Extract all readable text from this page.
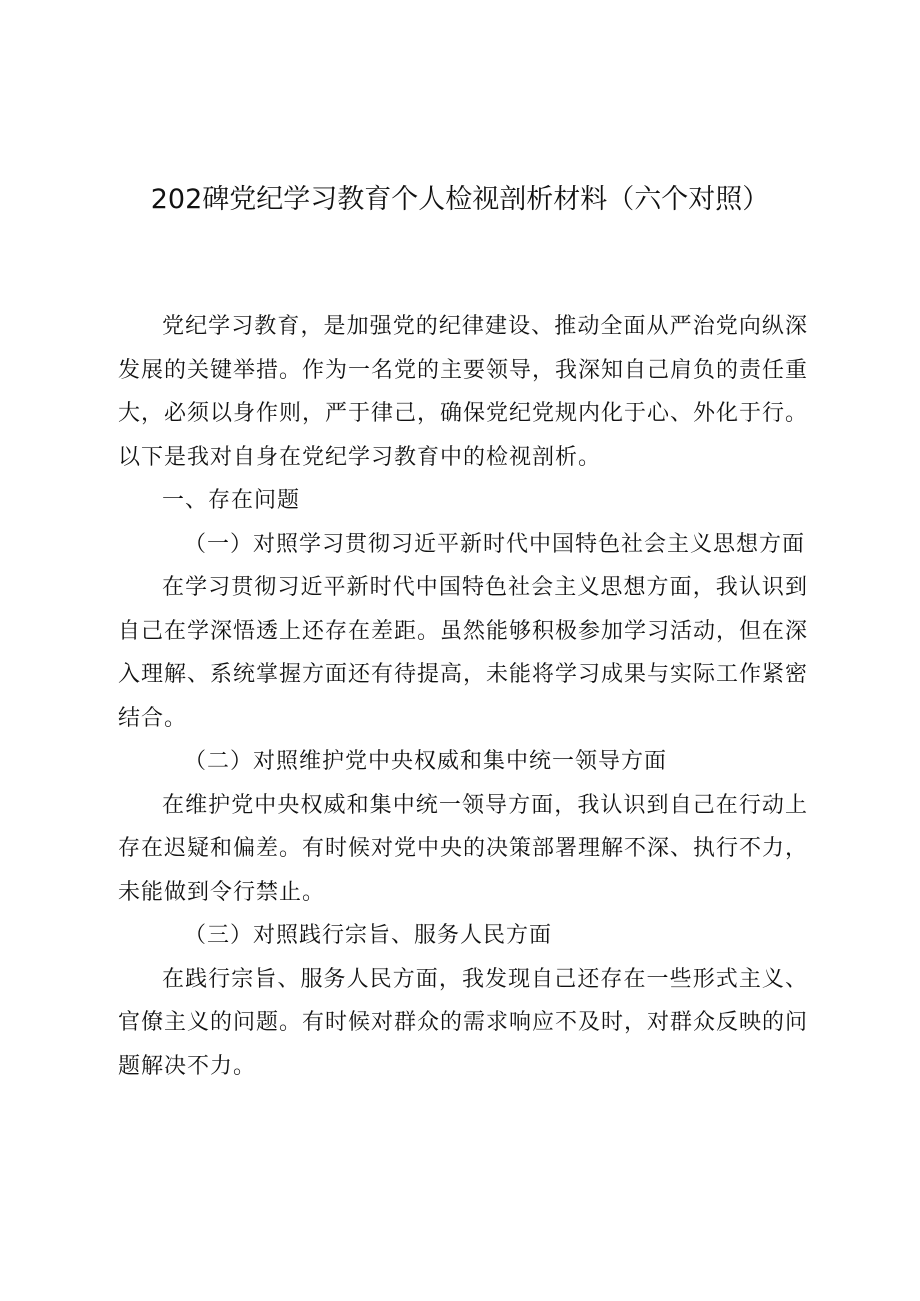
202碑党纪学习教育个人检视剖析材料（六个对照）

党纪学习教育，是加强党的纪律建设、推动全面从严治党向纵深发展的关键举措。作为一名党的主要领导，我深知自己肩负的责任重大，必须以身作则，严于律己，确保党纪党规内化于心、外化于行。以下是我对自身在党纪学习教育中的检视剖析。

一、存在问题

（一）对照学习贯彻习近平新时代中国特色社会主义思想方面

在学习贯彻习近平新时代中国特色社会主义思想方面，我认识到自己在学深悟透上还存在差距。虽然能够积极参加学习活动，但在深入理解、系统掌握方面还有待提高，未能将学习成果与实际工作紧密结合。

（二）对照维护党中央权威和集中统一领导方面

在维护党中央权威和集中统一领导方面，我认识到自己在行动上存在迟疑和偏差。有时候对党中央的决策部署理解不深、执行不力，未能做到令行禁止。

（三）对照践行宗旨、服务人民方面

在践行宗旨、服务人民方面，我发现自己还存在一些形式主义、官僚主义的问题。有时候对群众的需求响应不及时，对群众反映的问题解决不力。
